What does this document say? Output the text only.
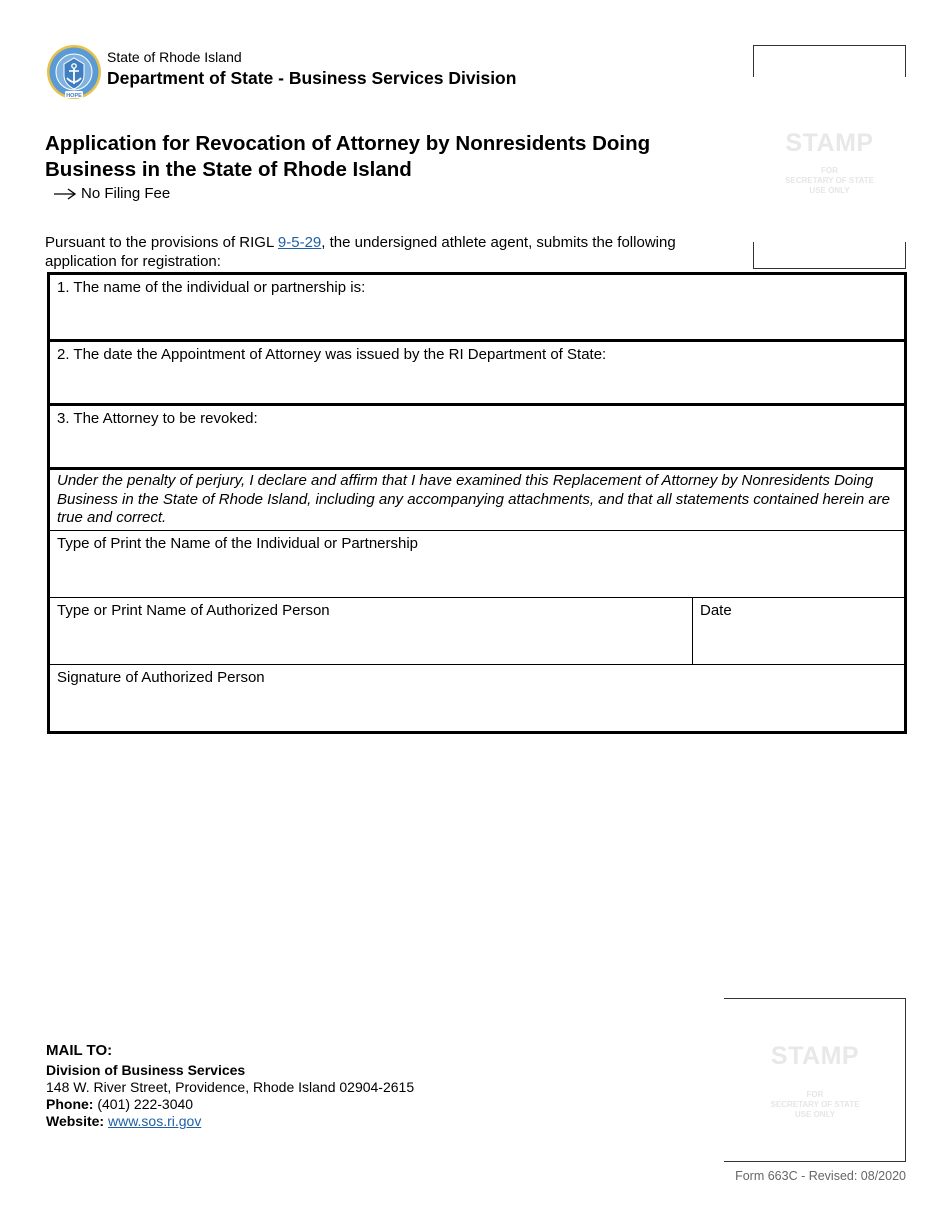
HOPE
State of Rhode Island
Department of State - Business Services Division
Application for Revocation of Attorney by Nonresidents Doing Business in the State of Rhode Island
No Filing Fee
STAMP
FOR
SECRETARY OF STATE
USE ONLY

Pursuant to the provisions of RIGL 9-5-29, the undersigned athlete agent, submits the following application for registration:

1. The name of the individual or partnership is:
2. The date the Appointment of Attorney was issued by the RI Department of State:
3. The Attorney to be revoked:
Under the penalty of perjury, I declare and affirm that I have examined this Replacement of Attorney by Nonresidents Doing Business in the State of Rhode Island, including any accompanying attachments, and that all statements contained herein are true and correct.
Type of Print the Name of the Individual or Partnership
Type or Print Name of Authorized Person	Date
Signature of Authorized Person
MAIL TO:
Division of Business Services
148 W. River Street, Providence, Rhode Island 02904-2615
Phone: (401) 222-3040
Website: www.sos.ri.gov
STAMP
FOR
SECRETARY OF STATE
USE ONLY
Form 663C - Revised: 08/2020
